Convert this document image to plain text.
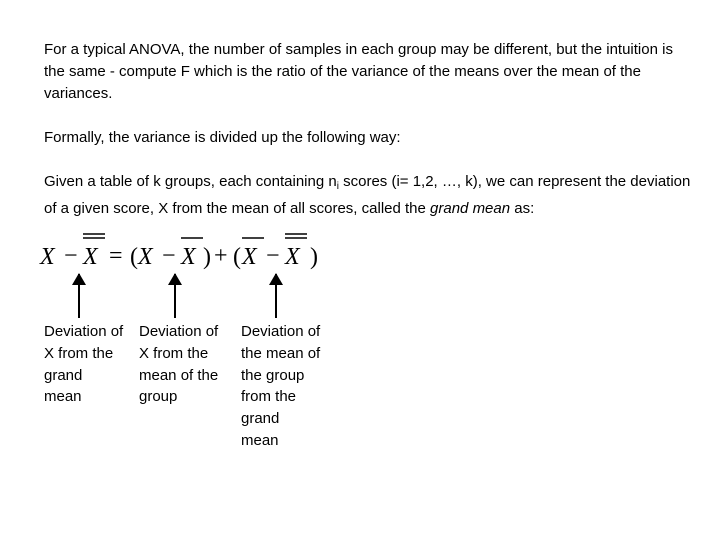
For a typical ANOVA, the number of samples in each group may be different, but the intuition is the same - compute F which is the ratio of the variance of the means over the mean of the variances.
Formally, the variance is divided up the following way:
Given a table of k groups, each containing $n_i$ scores (i= 1,2, …, k), we can represent the deviation of a given score, X from the mean of all scores, called the grand mean as:
X − X = ( X − X ) + ( X − X )
Deviation of X from the grand mean
Deviation of X from the mean of the group
Deviation of the mean of the group from the grand mean
